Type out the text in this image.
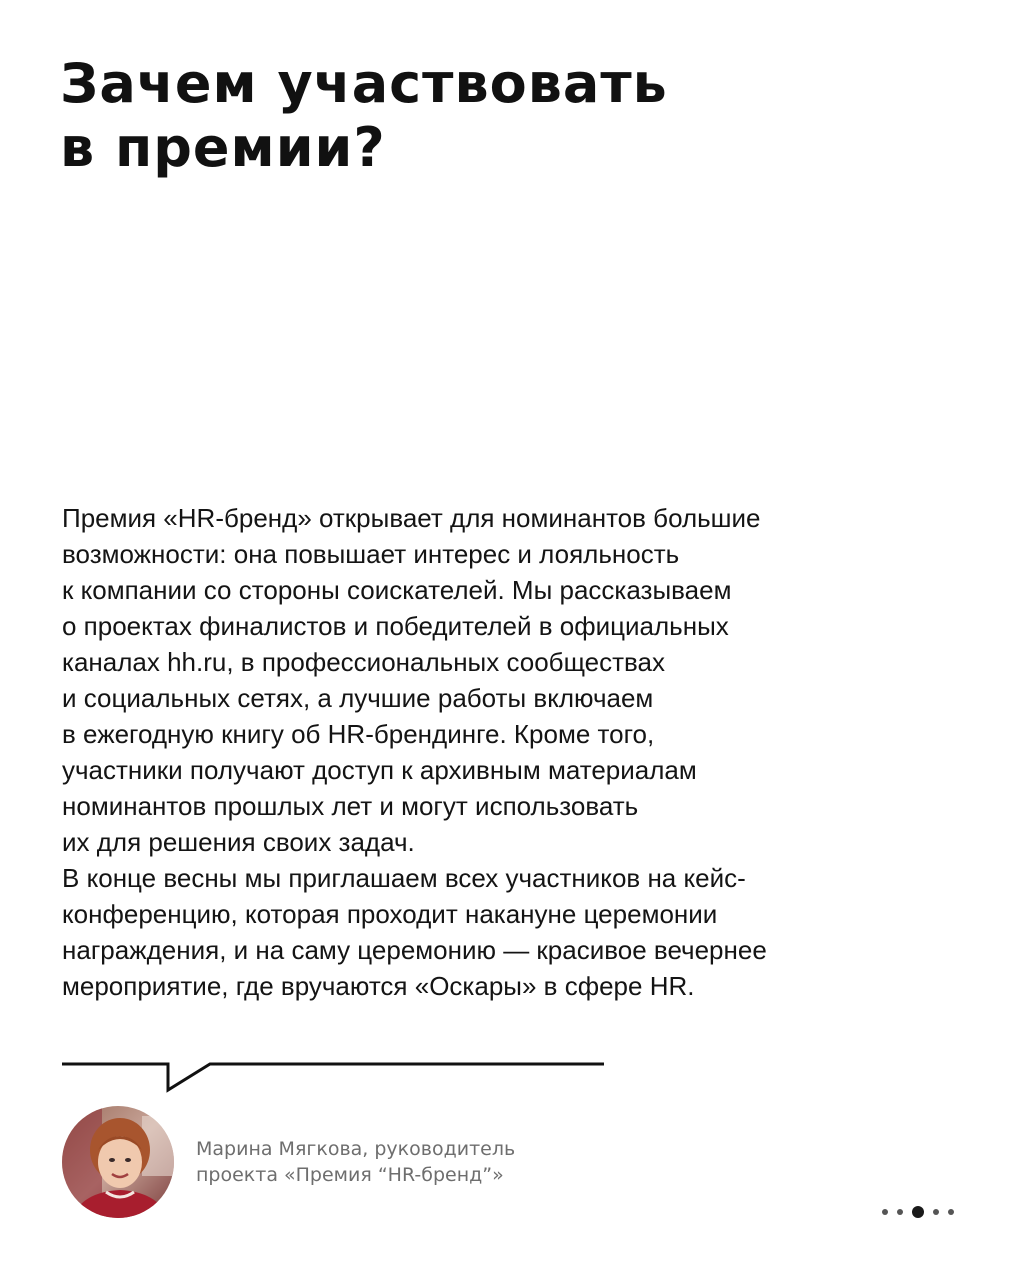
Зачем участвовать
в премии?
Премия «HR-бренд» открывает для номинантов большие
возможности: она повышает интерес и лояльность
к компании со стороны соискателей. Мы рассказываем
о проектах финалистов и победителей в официальных
каналах hh.ru, в профессиональных сообществах
и социальных сетях, а лучшие работы включаем
в ежегодную книгу об HR-брендинге. Кроме того,
участники получают доступ к архивным материалам
номинантов прошлых лет и могут использовать
их для решения своих задач.
В конце весны мы приглашаем всех участников на кейс-
конференцию, которая проходит накануне церемонии
награждения, и на саму церемонию — красивое вечернее
мероприятие, где вручаются «Оскары» в сфере HR.
Марина Мягкова, руководитель
проекта «Премия “HR-бренд”»
